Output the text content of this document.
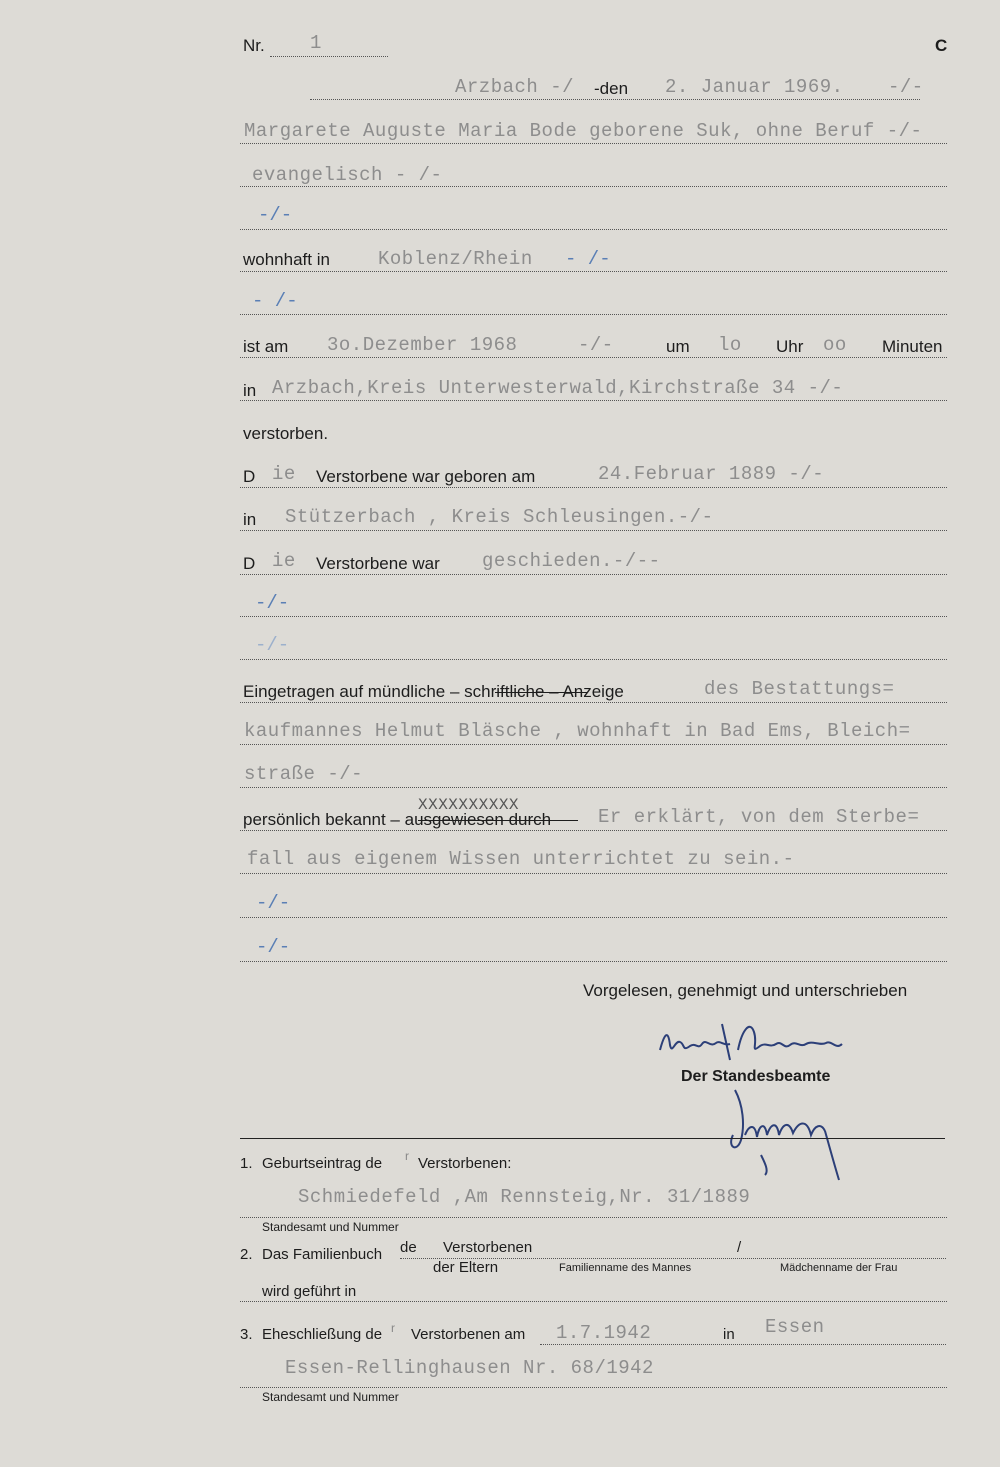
Nr. 1	C
Arzbach -/ -den 2. Januar 1969. -/-
Margarete Auguste Maria Bode geborene Suk, ohne Beruf -/-
evangelisch - /-
-/-
wohnhaft in	Koblenz/Rhein - /-
- /-
ist am 3o.Dezember 1968	-/-	um lo Uhr oo Minuten
in Arzbach,Kreis Unterwesterwald,Kirchstraße 34 -/-
verstorben.
D ie Verstorbene war geboren am	24.Februar 1889 -/-
in Stützerbach , Kreis Schleusingen.-/-
D ie Verstorbene war geschieden.-/--
-/-
-/-
Eingetragen auf mündliche – schriftliche – Anzeige	des Bestattungs=
kaufmannes Helmut Bläsche , wohnhaft in Bad Ems, Bleich=
straße -/-
persönlich bekannt – ausgewiesen durch
XXXXXXXXXX
Er erklärt, von dem Sterbe=
fall aus eigenem Wissen unterrichtet zu sein.-
-/-
-/-
Vorgelesen, genehmigt und unterschrieben
Der Standesbeamte
1. Geburtseintrag de r Verstorbenen:
Schmiedefeld ,Am Rennsteig,Nr. 31/1889
Standesamt und Nummer
2. Das Familienbuch de Verstorbenen	/
der Eltern	Familienname des Mannes	Mädchenname der Frau
wird geführt in
3. Eheschließung de r Verstorbenen am 1.7.1942	in Essen
Essen-Rellinghausen Nr. 68/1942
Standesamt und Nummer
